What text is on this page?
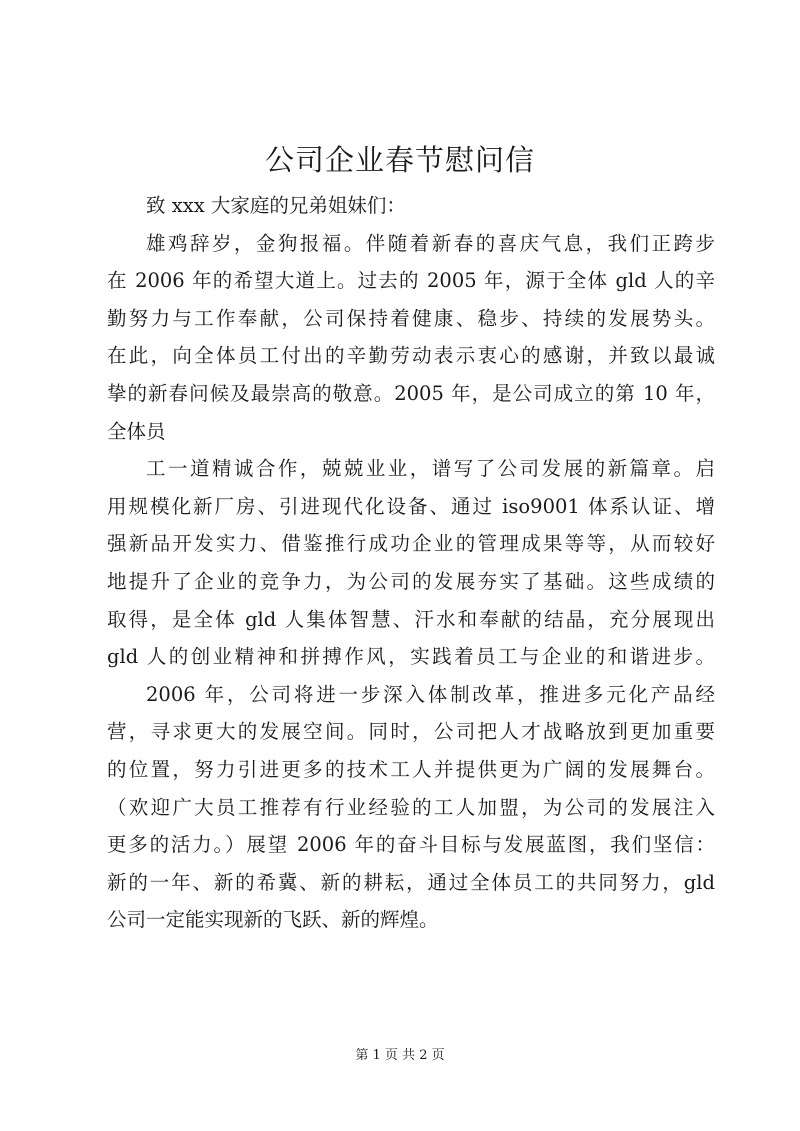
公司企业春节慰问信
致 xxx 大家庭的兄弟姐妹们：
雄鸡辞岁，金狗报福。伴随着新春的喜庆气息，我们正跨步
在 2006 年的希望大道上。过去的 2005 年，源于全体 gld 人的辛
勤努力与工作奉献，公司保持着健康、稳步、持续的发展势头。
在此，向全体员工付出的辛勤劳动表示衷心的感谢，并致以最诚
挚的新春问候及最崇高的敬意。2005 年，是公司成立的第 10 年，
全体员
工一道精诚合作，兢兢业业，谱写了公司发展的新篇章。启
用规模化新厂房、引进现代化设备、通过 iso9001 体系认证、增
强新品开发实力、借鉴推行成功企业的管理成果等等，从而较好
地提升了企业的竞争力，为公司的发展夯实了基础。这些成绩的
取得，是全体 gld 人集体智慧、汗水和奉献的结晶，充分展现出
gld 人的创业精神和拼搏作风，实践着员工与企业的和谐进步。
2006 年，公司将进一步深入体制改革，推进多元化产品经
营，寻求更大的发展空间。同时，公司把人才战略放到更加重要
的位置，努力引进更多的技术工人并提供更为广阔的发展舞台。
（欢迎广大员工推荐有行业经验的工人加盟，为公司的发展注入
更多的活力。）展望 2006 年的奋斗目标与发展蓝图，我们坚信：
新的一年、新的希冀、新的耕耘，通过全体员工的共同努力，gld
公司一定能实现新的飞跃、新的辉煌。
第 1 页 共 2 页
